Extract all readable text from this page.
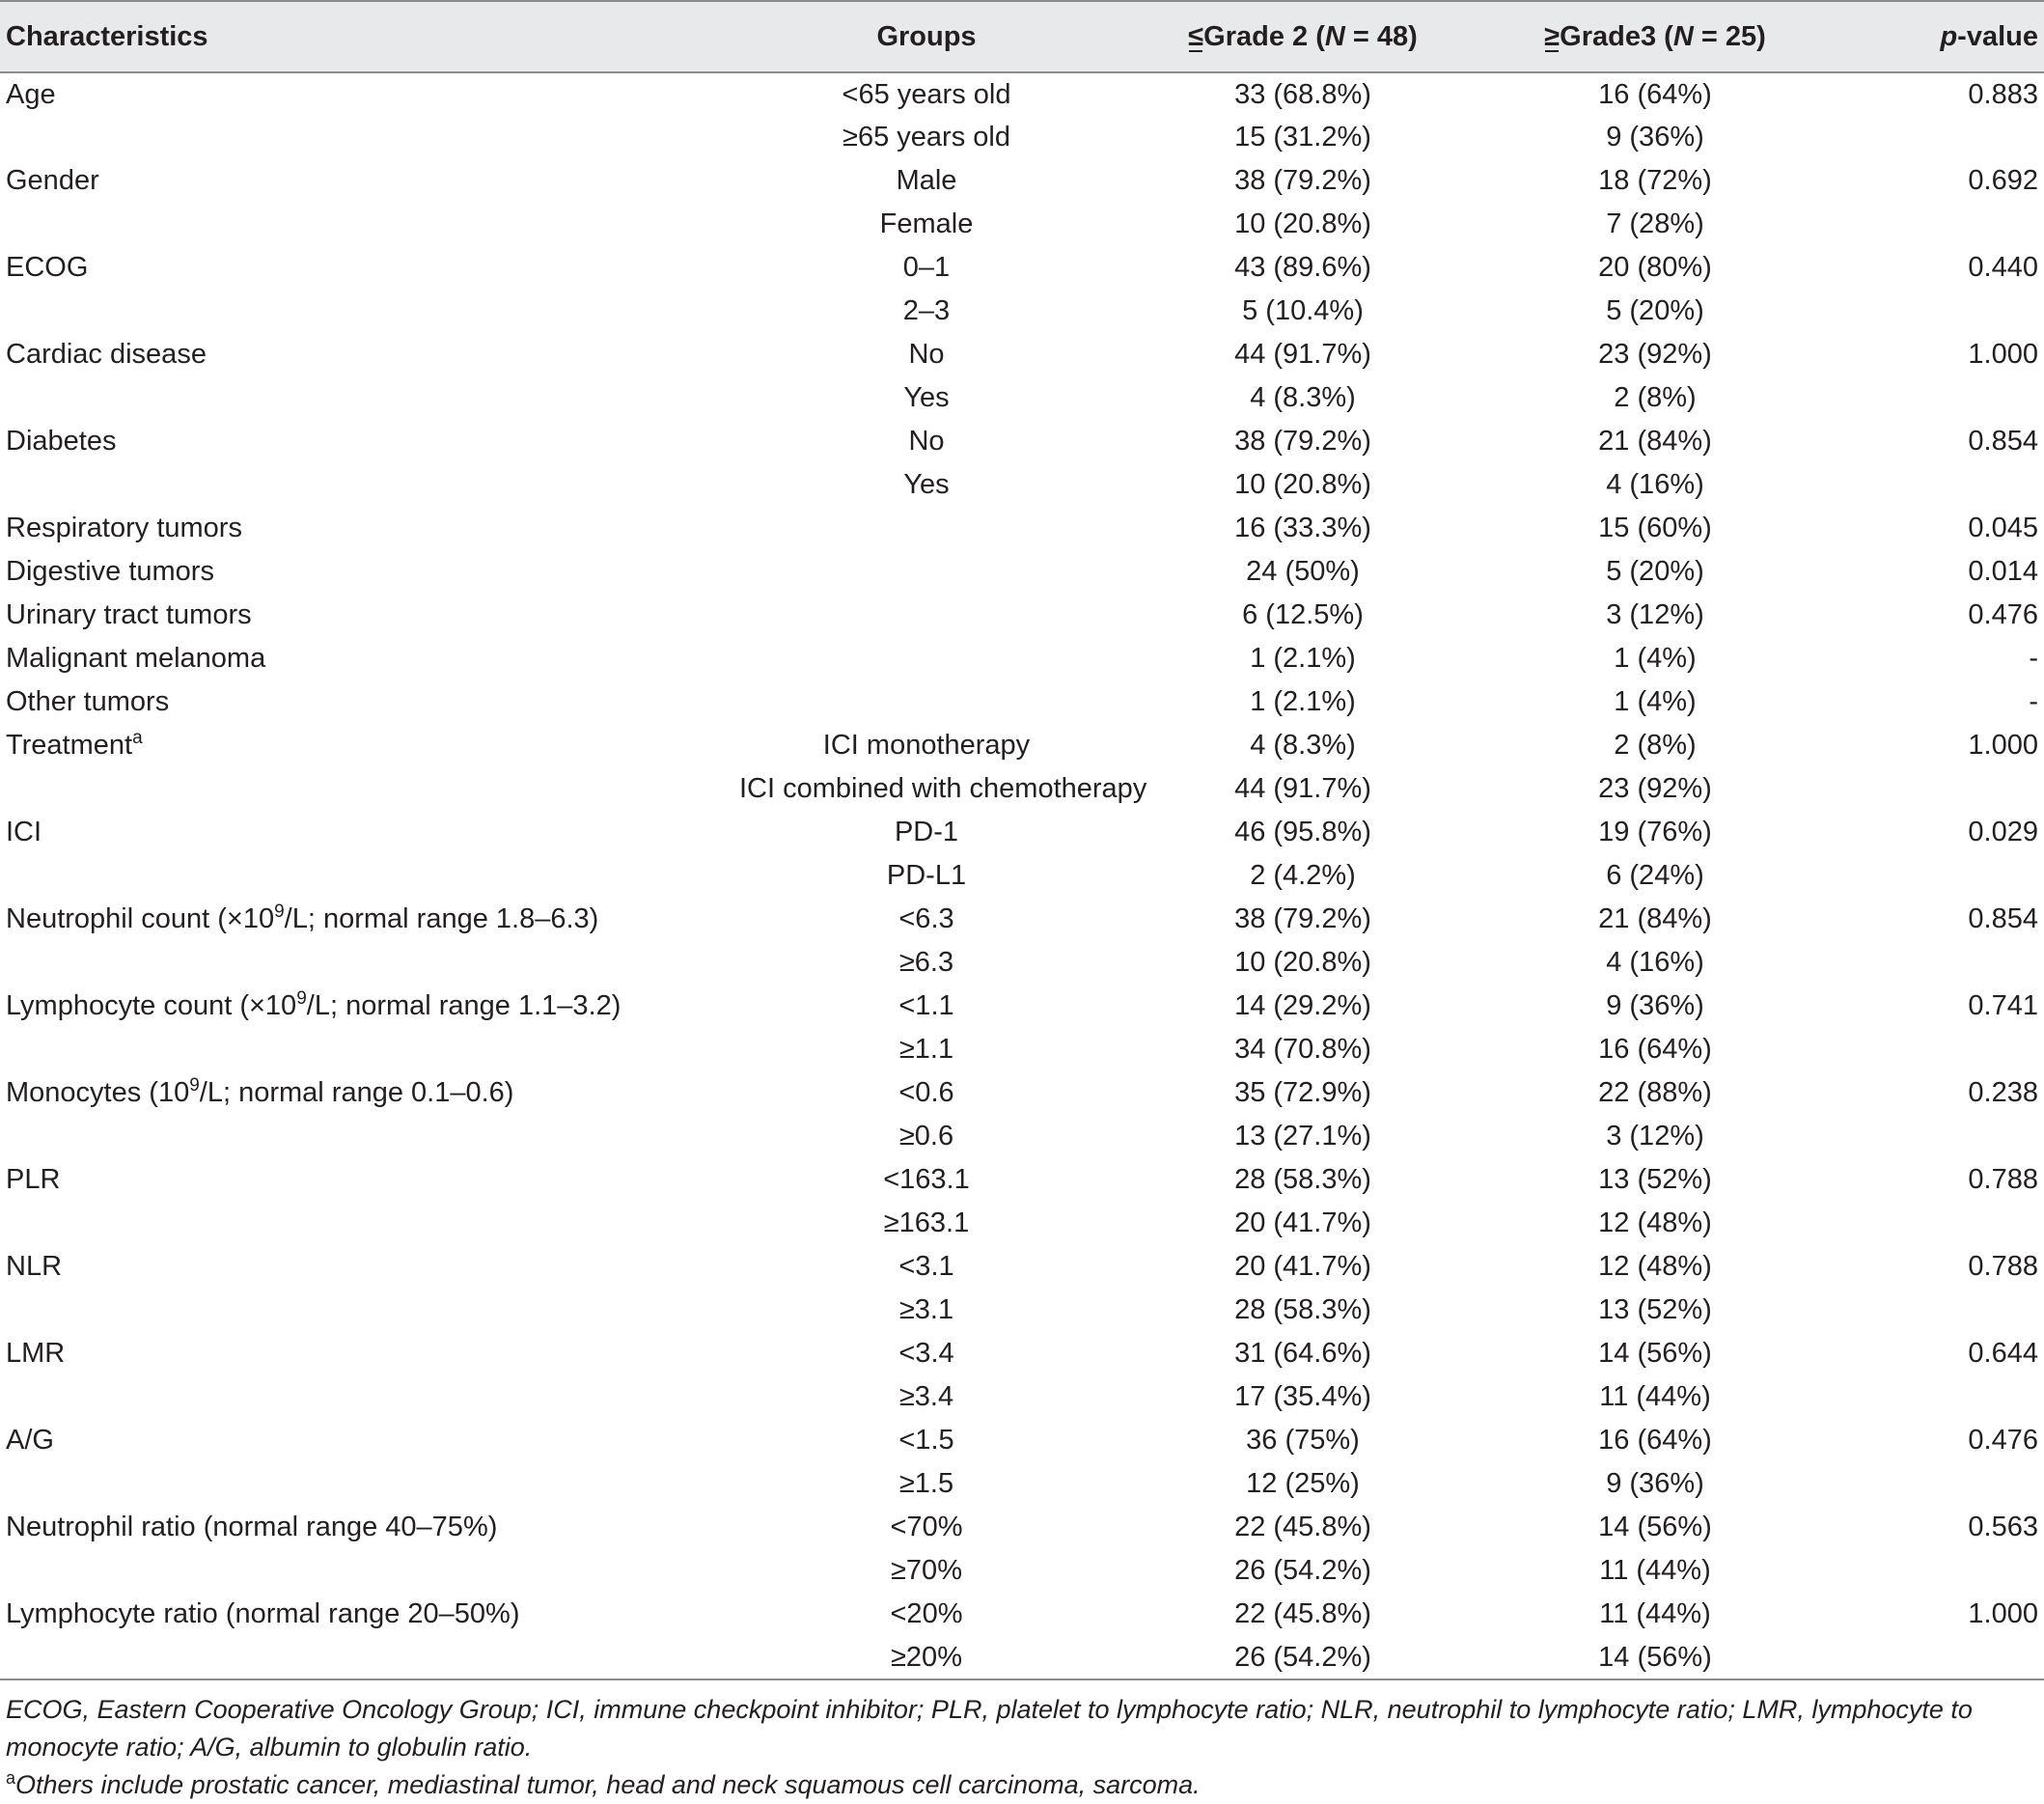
Characteristics	Groups	≤Grade 2 (N = 48)	≥Grade3 (N = 25)	p-value
Age	<65 years old	33 (68.8%)	16 (64%)	0.883
	≥65 years old	15 (31.2%)	9 (36%)	
Gender	Male	38 (79.2%)	18 (72%)	0.692
	Female	10 (20.8%)	7 (28%)	
ECOG	0–1	43 (89.6%)	20 (80%)	0.440
	2–3	5 (10.4%)	5 (20%)	
Cardiac disease	No	44 (91.7%)	23 (92%)	1.000
	Yes	4 (8.3%)	2 (8%)	
Diabetes	No	38 (79.2%)	21 (84%)	0.854
	Yes	10 (20.8%)	4 (16%)	
Respiratory tumors		16 (33.3%)	15 (60%)	0.045
Digestive tumors		24 (50%)	5 (20%)	0.014
Urinary tract tumors		6 (12.5%)	3 (12%)	0.476
Malignant melanoma		1 (2.1%)	1 (4%)	-
Other tumors		1 (2.1%)	1 (4%)	-
Treatment$^a$	ICI monotherapy	4 (8.3%)	2 (8%)	1.000
	ICI combined with chemotherapy	44 (91.7%)	23 (92%)	
ICI	PD-1	46 (95.8%)	19 (76%)	0.029
	PD-L1	2 (4.2%)	6 (24%)	
Neutrophil count ($\times 10^9/L$; normal range 1.8–6.3)	<6.3	38 (79.2%)	21 (84%)	0.854
	≥6.3	10 (20.8%)	4 (16%)	
Lymphocyte count ($\times 10^9/L$; normal range 1.1–3.2)	<1.1	14 (29.2%)	9 (36%)	0.741
	≥1.1	34 (70.8%)	16 (64%)	
Monocytes ($10^9/L$; normal range 0.1–0.6)	<0.6	35 (72.9%)	22 (88%)	0.238
	≥0.6	13 (27.1%)	3 (12%)	
PLR	<163.1	28 (58.3%)	13 (52%)	0.788
	≥163.1	20 (41.7%)	12 (48%)	
NLR	<3.1	20 (41.7%)	12 (48%)	0.788
	≥3.1	28 (58.3%)	13 (52%)	
LMR	<3.4	31 (64.6%)	14 (56%)	0.644
	≥3.4	17 (35.4%)	11 (44%)	
A/G	<1.5	36 (75%)	16 (64%)	0.476
	≥1.5	12 (25%)	9 (36%)	
Neutrophil ratio (normal range 40–75%)	<70%	22 (45.8%)	14 (56%)	0.563
	≥70%	26 (54.2%)	11 (44%)	
Lymphocyte ratio (normal range 20–50%)	<20%	22 (45.8%)	11 (44%)	1.000
	≥20%	26 (54.2%)	14 (56%)	

ECOG, Eastern Cooperative Oncology Group; ICI, immune checkpoint inhibitor; PLR, platelet to lymphocyte ratio; NLR, neutrophil to lymphocyte ratio; LMR, lymphocyte to monocyte ratio; A/G, albumin to globulin ratio.

$^a$Others include prostatic cancer, mediastinal tumor, head and neck squamous cell carcinoma, sarcoma.
